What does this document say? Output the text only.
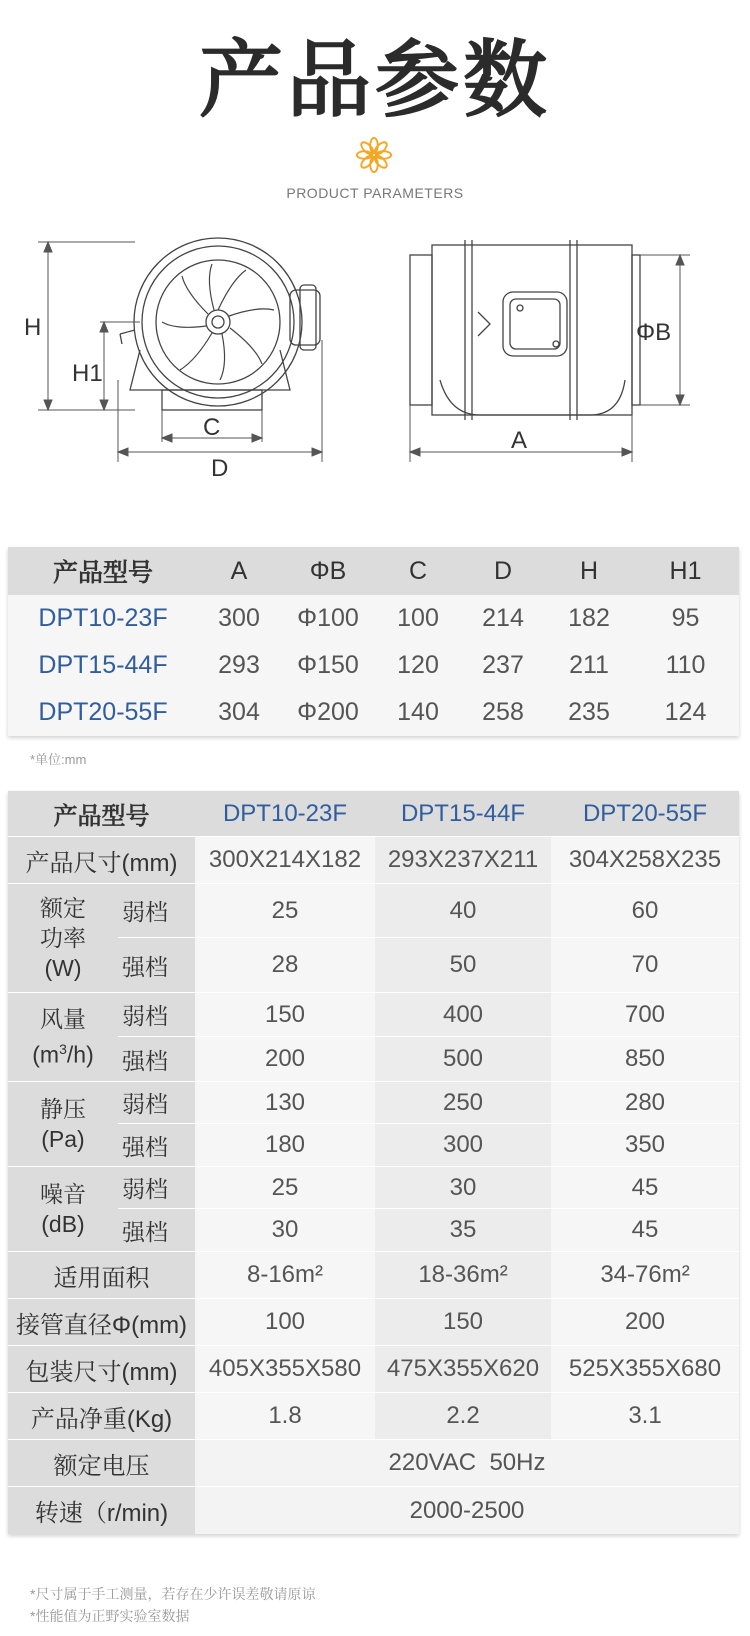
产品参数
PRODUCT PARAMETERS
H
H1
C
D
ΦB
A
产品型号	A	ΦB	C	D	H	H1
DPT10-23F	300	Φ100	100	214	182	95
DPT15-44F	293	Φ150	120	237	211	110
DPT20-55F	304	Φ200	140	258	235	124
*单位:mm
产品型号	DPT10-23F	DPT15-44F	DPT20-55F
产品尺寸(mm)	300X214X182	293X237X211	304X258X235
额定
功率
(W)
弱档	25	40	60
强档	28	50	70
风量
$(m^3/h)$
弱档	150	400	700
强档	200	500	850
静压
(Pa)
弱档	130	250	280
强档	180	300	350
噪音
(dB)
弱档	25	30	45
强档	30	35	45
适用面积	8-16m²	18-36m²	34-76m²
接管直径Φ(mm)	100	150	200
包装尺寸(mm)	405X355X580	475X355X620	525X355X680
产品净重(Kg)	1.8	2.2	3.1
额定电压	220VAC  50Hz
转速（r/min)	2000-2500
*尺寸属于手工测量，若存在少许误差敬请原谅
*性能值为正野实验室数据
